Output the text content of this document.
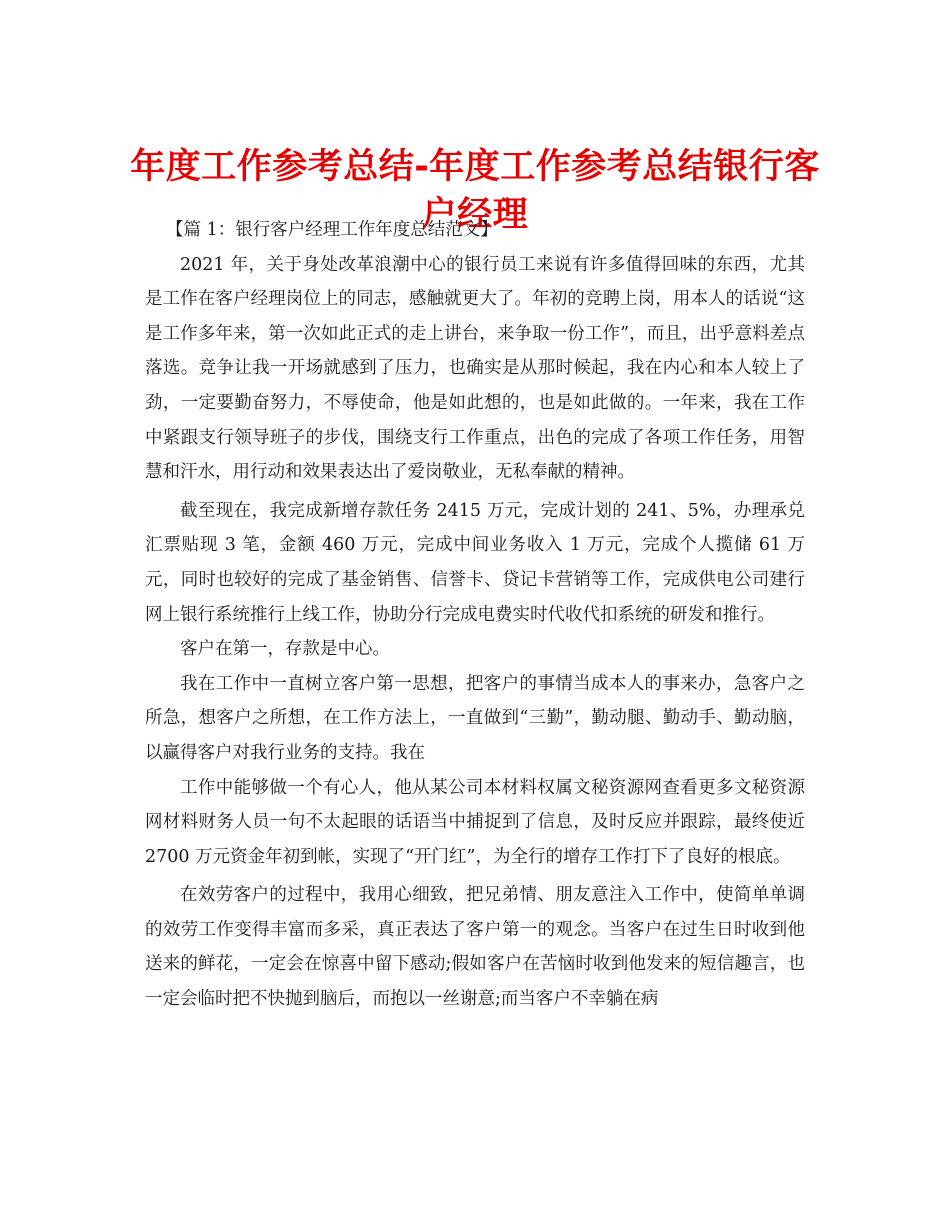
年度工作参考总结-年度工作参考总结银行客户经理

【篇 1：银行客户经理工作年度总结范文】

2021 年，关于身处改革浪潮中心的银行员工来说有许多值得回味的东西，尤其是工作在客户经理岗位上的同志，感触就更大了。年初的竞聘上岗，用本人的话说“这是工作多年来，第一次如此正式的走上讲台，来争取一份工作”，而且，出乎意料差点落选。竞争让我一开场就感到了压力，也确实是从那时候起，我在内心和本人较上了劲，一定要勤奋努力，不辱使命，他是如此想的，也是如此做的。一年来，我在工作中紧跟支行领导班子的步伐，围绕支行工作重点，出色的完成了各项工作任务，用智慧和汗水，用行动和效果表达出了爱岗敬业，无私奉献的精神。

截至现在，我完成新增存款任务 2415 万元，完成计划的 241、5%，办理承兑汇票贴现 3 笔，金额 460 万元，完成中间业务收入 1 万元，完成个人揽储 61 万元，同时也较好的完成了基金销售、信誉卡、贷记卡营销等工作，完成供电公司建行网上银行系统推行上线工作，协助分行完成电费实时代收代扣系统的研发和推行。

客户在第一，存款是中心。

我在工作中一直树立客户第一思想，把客户的事情当成本人的事来办，急客户之所急，想客户之所想，在工作方法上，一直做到“三勤”，勤动腿、勤动手、勤动脑，以赢得客户对我行业务的支持。我在

工作中能够做一个有心人，他从某公司本材料权属文秘资源网查看更多文秘资源网材料财务人员一句不太起眼的话语当中捕捉到了信息，及时反应并跟踪，最终使近 2700 万元资金年初到帐，实现了“开门红”，为全行的增存工作打下了良好的根底。

在效劳客户的过程中，我用心细致，把兄弟情、朋友意注入工作中，使简单单调的效劳工作变得丰富而多采，真正表达了客户第一的观念。当客户在过生日时收到他送来的鲜花，一定会在惊喜中留下感动;假如客户在苦恼时收到他发来的短信趣言，也一定会临时把不快抛到脑后，而抱以一丝谢意;而当客户不幸躺在病
